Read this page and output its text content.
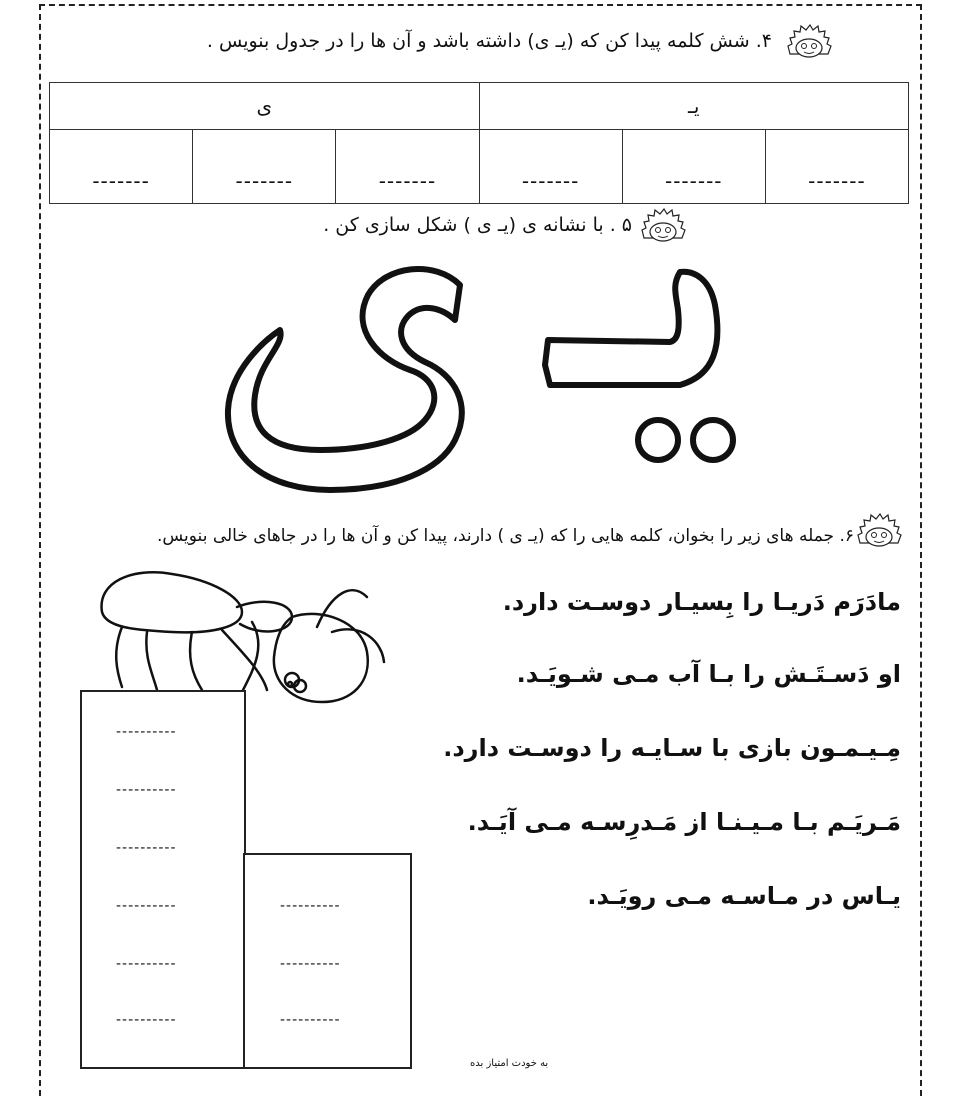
۴. شش کلمه پیدا کن که (یـ ی) داشته باشد و آن ها را در جدول بنویس .
یـ			ی		
-------	-------	-------	-------	-------	-------
۵ . با نشانه ی (یـ ی ) شکل سازی کن .
۶. جمله های زیر را بخوان، کلمه هایی را که (یـ ی ) دارند، پیدا کن و آن ها را در جاهای خالی بنویس.
مادَرَم دَریـا را بِسیـار دوسـت دارد.
او دَسـتَـش را بـا آب مـی شـویَـد.
مِـیـمـون بازی با سـایـه را دوسـت دارد.
مَـریَـم بـا مـیـنـا از مَـدرِسـه مـی آیَـد.
یـاس در مـاسـه مـی رویَـد.
----------
----------
----------
----------
----------
----------
----------
----------
----------
به خودت امتیاز بده
